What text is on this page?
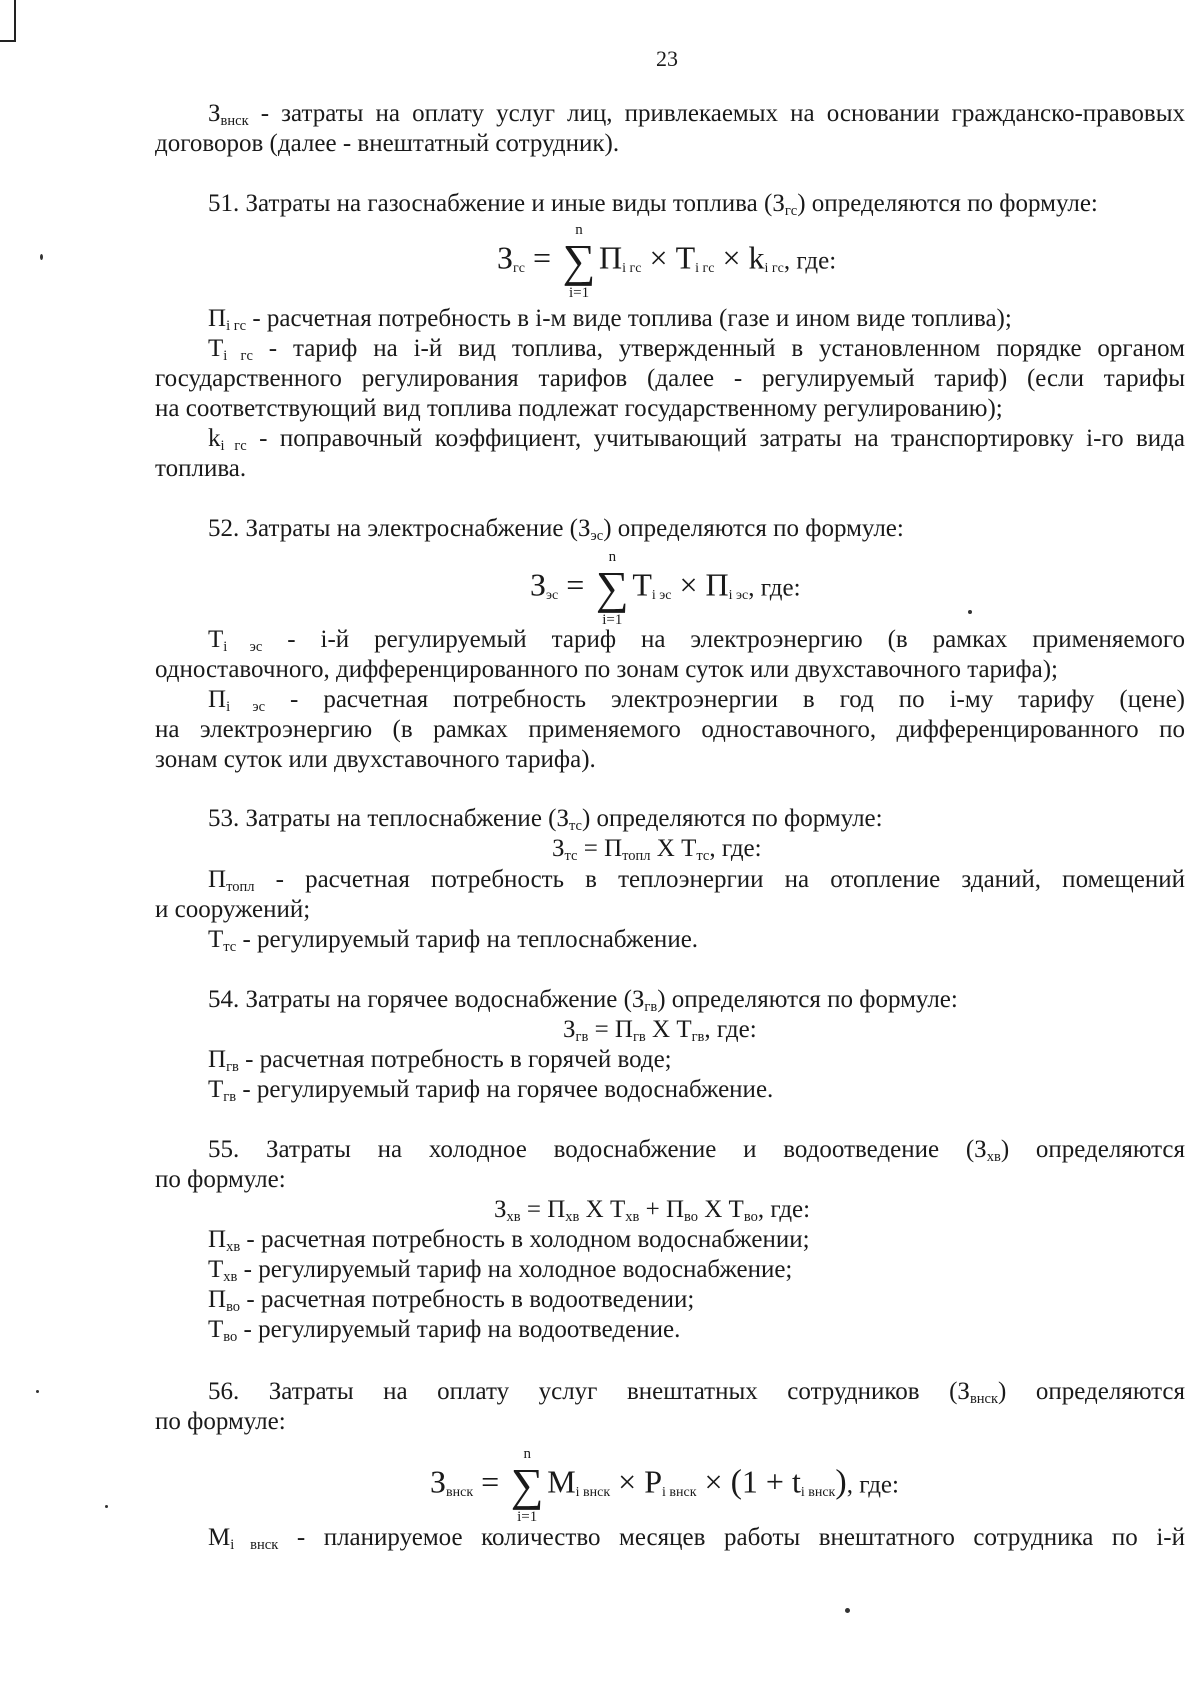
23
$З_{внск}$ - затраты на оплату услуг лиц, привлекаемых на основании гражданско-правовых
договоров (далее - внештатный сотрудник).
51. Затраты на газоснабжение и иные виды топлива $(З_{гс})$ определяются по формуле:
Згс =
n
∑
i=1
Пi гс × Тi гс × ki гс, где:
$П_{i гс}$ - расчетная потребность в i-м виде топлива (газе и ином виде топлива);
$Т_{i гс}$ - тариф на i-й вид топлива, утвержденный в установленном порядке органом
государственного регулирования тарифов (далее - регулируемый тариф) (если тарифы
на соответствующий вид топлива подлежат государственному регулированию);
$k_{i гс}$ - поправочный коэффициент, учитывающий затраты на транспортировку i-го вида
топлива.
52. Затраты на электроснабжение $(З_{эс})$ определяются по формуле:
Зэс =
n
∑
i=1
Тi эс × Пi эс, где:
$Т_{i эс} - i-й$ регулируемый тариф на электроэнергию (в рамках применяемого
одноставочного, дифференцированного по зонам суток или двухставочного тарифа);
$П_{i эс}$ - расчетная потребность электроэнергии в год по i-му тарифу (цене)
на электроэнергию (в рамках применяемого одноставочного, дифференцированного по
зонам суток или двухставочного тарифа).
53. Затраты на теплоснабжение $(З_{тс})$ определяются по формуле:
$З_{тс} = П_{топл}$ Х $Т_{тс}$, где:
$П_{топл}$ - расчетная потребность в теплоэнергии на отопление зданий, помещений
и сооружений;
$Т_{тс}$ - регулируемый тариф на теплоснабжение.
54. Затраты на горячее водоснабжение $(З_{гв})$ определяются по формуле:
$З_{гв} = П_{гв}$ Х $Т_{гв}$, где:
$П_{гв}$ - расчетная потребность в горячей воде;
$Т_{гв}$ - регулируемый тариф на горячее водоснабжение.
55. Затраты на холодное водоснабжение и водоотведение $(З_{хв})$ определяются
по формуле:
$З_{хв} = П_{хв}$ Х $Т_{хв} + П_{во}$ Х $Т_{во}$, где:
$П_{хв}$ - расчетная потребность в холодном водоснабжении;
$Т_{хв}$ - регулируемый тариф на холодное водоснабжение;
$П_{во}$ - расчетная потребность в водоотведении;
$Т_{во}$ - регулируемый тариф на водоотведение.
56. Затраты на оплату услуг внештатных сотрудников $(З_{внск})$ определяются
по формуле:
Звнск =
n
∑
i=1
Мi внск × Рi внск × (1 + ti внск), где:
$М_{i внск}$ - планируемое количество месяцев работы внештатного сотрудника по i-й
